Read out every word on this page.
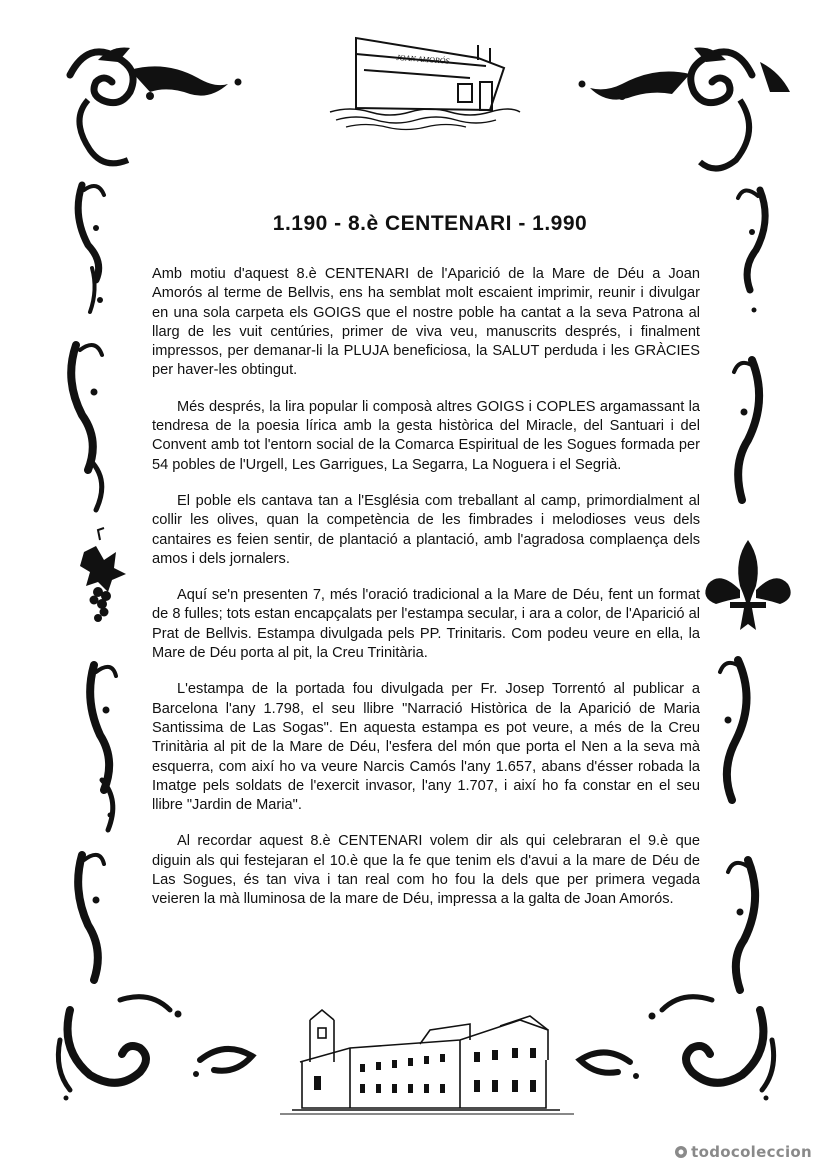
JOAN AMORÓS
1.190 - 8.è CENTENARI - 1.990

Amb motiu d'aquest 8.è CENTENARI de l'Aparició de la Mare de Déu a Joan Amorós al terme de Bellvis, ens ha semblat molt escaient imprimir, reunir i divulgar en una sola carpeta els GOIGS que el nostre poble ha cantat a la seva Patrona al llarg de les vuit centúries, primer de viva veu, manuscrits després, i finalment impressos, per demanar-li la PLUJA beneficiosa, la SALUT perduda i les GRÀCIES per haver-les obtingut.

Més després, la lira popular li composà altres GOIGS i COPLES argamassant la tendresa de la poesia lírica amb la gesta històrica del Miracle, del Santuari i del Convent amb tot l'entorn social de la Comarca Espiritual de les Sogues formada per 54 pobles de l'Urgell, Les Garrigues, La Segarra, La Noguera i el Segrià.

El poble els cantava tan a l'Església com treballant al camp, primordialment al collir les olives, quan la competència de les fimbrades i melodioses veus dels cantaires es feien sentir, de plantació a plantació, amb l'agradosa complaença dels amos i dels jornalers.

Aquí se'n presenten 7, més l'oració tradicional a la Mare de Déu, fent un format de 8 fulles; tots estan encapçalats per l'estampa secular, i ara a color, de l'Aparició al Prat de Bellvis. Estampa divulgada pels PP. Trinitaris. Com podeu veure en ella, la Mare de Déu porta al pit, la Creu Trinitària.

L'estampa de la portada fou divulgada per Fr. Josep Torrentó al publicar a Barcelona l'any 1.798, el seu llibre "Narració Històrica de la Aparició de Maria Santissima de Las Sogas". En aquesta estampa es pot veure, a més de la Creu Trinitària al pit de la Mare de Déu, l'esfera del món que porta el Nen a la seva mà esquerra, com així ho va veure Narcis Camós l'any 1.657, abans d'ésser robada la Imatge pels soldats de l'exercit invasor, l'any 1.707, i així ho fa constar en el seu llibre "Jardin de Maria".

Al recordar aquest 8.è CENTENARI volem dir als qui celebraran el 9.è que diguin als qui festejaran el 10.è que la fe que tenim els d'avui a la mare de Déu de Las Sogues, és tan viva i tan real com ho fou la dels que per primera vegada veieren la mà lluminosa de la mare de Déu, impressa a la galta de Joan Amorós.

todocoleccion
